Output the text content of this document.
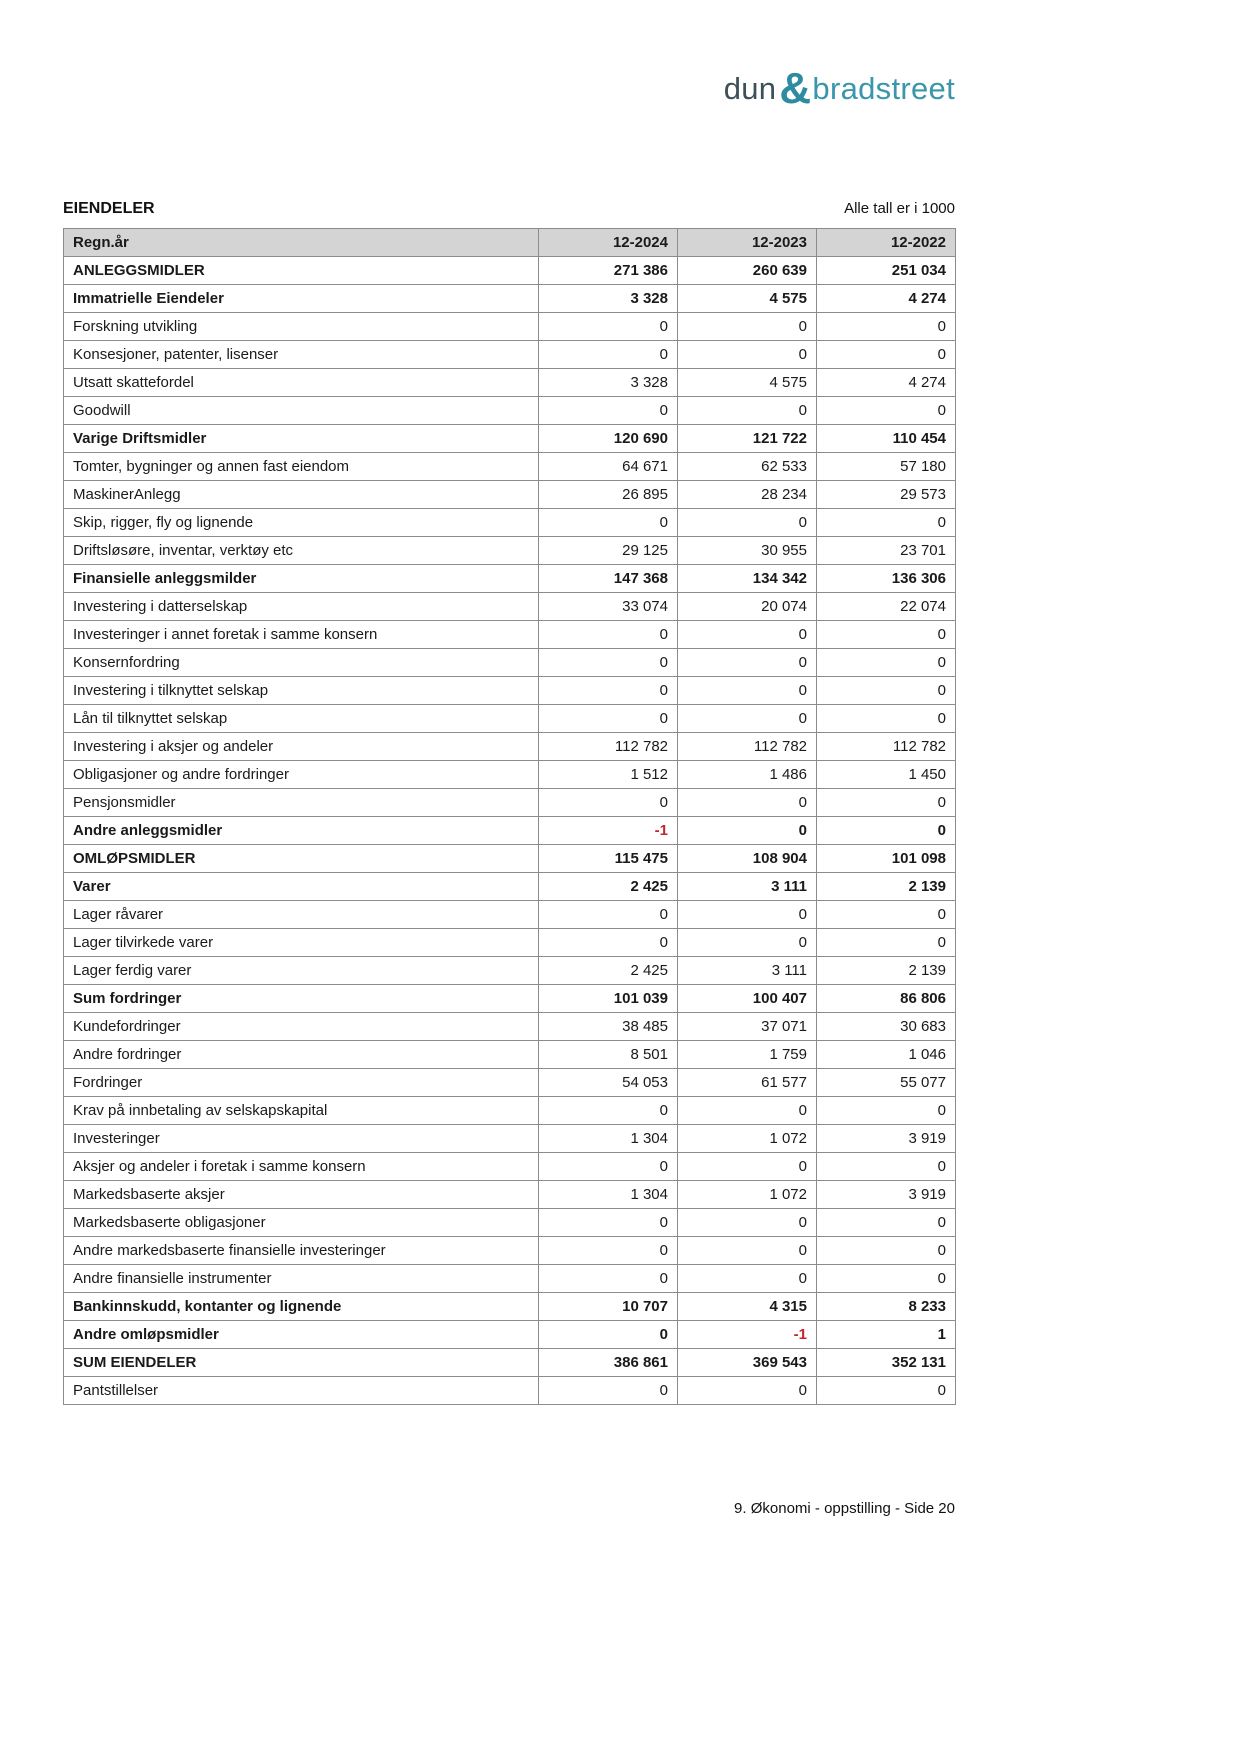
dun&bradstreet
EIENDELER	Alle tall er i 1000
Regn.år	12-2024	12-2023	12-2022
ANLEGGSMIDLER	271 386	260 639	251 034
Immatrielle Eiendeler	3 328	4 575	4 274
Forskning utvikling	0	0	0
Konsesjoner, patenter, lisenser	0	0	0
Utsatt skattefordel	3 328	4 575	4 274
Goodwill	0	0	0
Varige Driftsmidler	120 690	121 722	110 454
Tomter, bygninger og annen fast eiendom	64 671	62 533	57 180
MaskinerAnlegg	26 895	28 234	29 573
Skip, rigger, fly og lignende	0	0	0
Driftsløsøre, inventar, verktøy etc	29 125	30 955	23 701
Finansielle anleggsmilder	147 368	134 342	136 306
Investering i datterselskap	33 074	20 074	22 074
Investeringer i annet foretak i samme konsern	0	0	0
Konsernfordring	0	0	0
Investering i tilknyttet selskap	0	0	0
Lån til tilknyttet selskap	0	0	0
Investering i aksjer og andeler	112 782	112 782	112 782
Obligasjoner og andre fordringer	1 512	1 486	1 450
Pensjonsmidler	0	0	0
Andre anleggsmidler	-1	0	0
OMLØPSMIDLER	115 475	108 904	101 098
Varer	2 425	3 111	2 139
Lager råvarer	0	0	0
Lager tilvirkede varer	0	0	0
Lager ferdig varer	2 425	3 111	2 139
Sum fordringer	101 039	100 407	86 806
Kundefordringer	38 485	37 071	30 683
Andre fordringer	8 501	1 759	1 046
Fordringer	54 053	61 577	55 077
Krav på innbetaling av selskapskapital	0	0	0
Investeringer	1 304	1 072	3 919
Aksjer og andeler i foretak i samme konsern	0	0	0
Markedsbaserte aksjer	1 304	1 072	3 919
Markedsbaserte obligasjoner	0	0	0
Andre markedsbaserte finansielle investeringer	0	0	0
Andre finansielle instrumenter	0	0	0
Bankinnskudd, kontanter og lignende	10 707	4 315	8 233
Andre omløpsmidler	0	-1	1
SUM EIENDELER	386 861	369 543	352 131
Pantstillelser	0	0	0
9. Økonomi - oppstilling - Side 20
